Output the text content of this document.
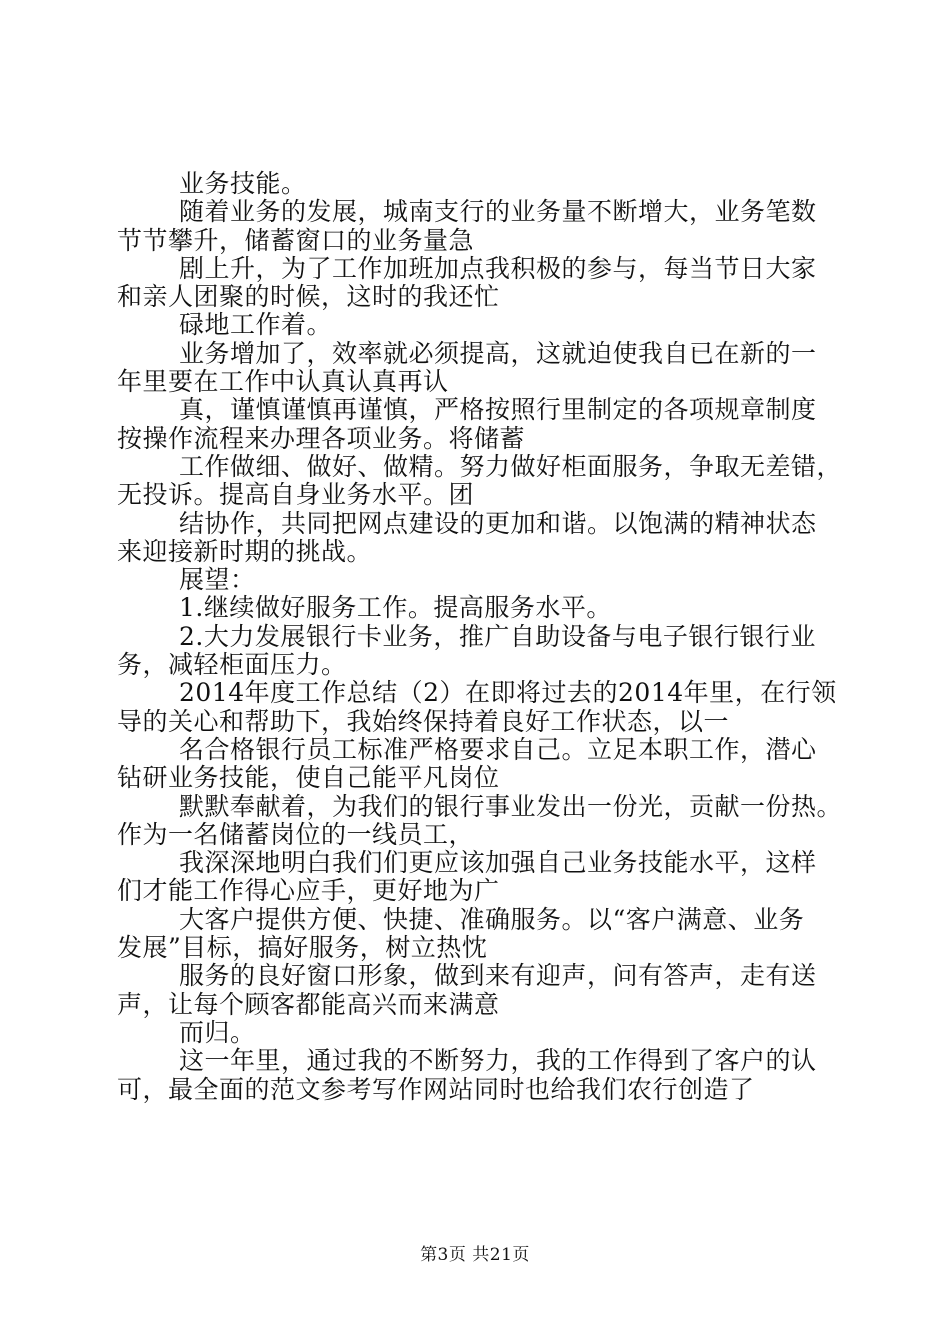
业务技能。
随着业务的发展，城南支行的业务量不断增大，业务笔数
节节攀升，储蓄窗口的业务量急
剧上升，为了工作加班加点我积极的参与，每当节日大家
和亲人团聚的时候，这时的我还忙
碌地工作着。
业务增加了，效率就必须提高，这就迫使我自已在新的一
年里要在工作中认真认真再认
真，谨慎谨慎再谨慎，严格按照行里制定的各项规章制度
按操作流程来办理各项业务。将储蓄
工作做细、做好、做精。努力做好柜面服务，争取无差错，
无投诉。提高自身业务水平。团
结协作，共同把网点建设的更加和谐。以饱满的精神状态
来迎接新时期的挑战。
展望：
1.继续做好服务工作。提高服务水平。
2.大力发展银行卡业务，推广自助设备与电子银行银行业
务，减轻柜面压力。
2014年度工作总结（2）在即将过去的2014年里，在行领
导的关心和帮助下，我始终保持着良好工作状态，以一
名合格银行员工标准严格要求自己。立足本职工作，潜心
钻研业务技能，使自己能平凡岗位
默默奉献着，为我们的银行事业发出一份光，贡献一份热。
作为一名储蓄岗位的一线员工，
我深深地明白我们们更应该加强自己业务技能水平，这样
们才能工作得心应手，更好地为广
大客户提供方便、快捷、准确服务。以“客户满意、业务
发展”目标，搞好服务，树立热忱
服务的良好窗口形象，做到来有迎声，问有答声，走有送
声，让每个顾客都能高兴而来满意
而归。
这一年里，通过我的不断努力，我的工作得到了客户的认
可，最全面的范文参考写作网站同时也给我们农行创造了
第3页 共21页
